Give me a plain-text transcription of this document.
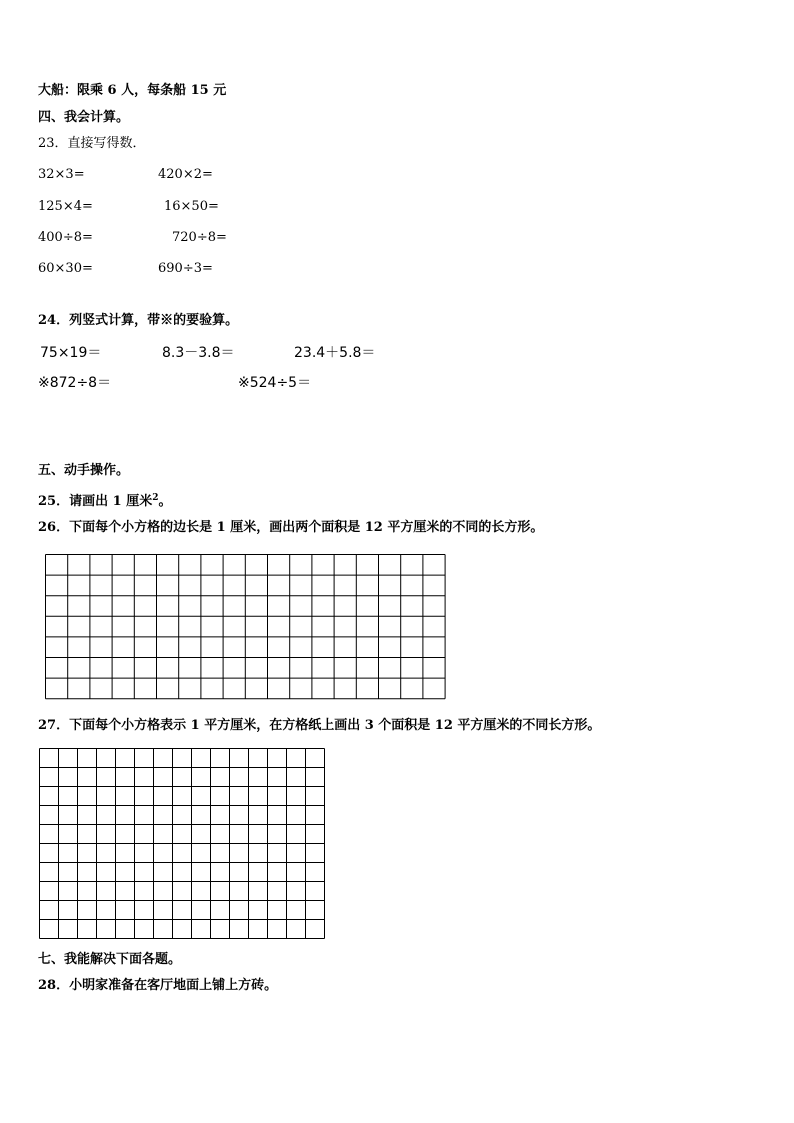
大船：限乘 6 人，每条船 15 元
四、我会计算。
23．直接写得数．
32×3=	420×2=
125×4=	16×50=
400÷8=	720÷8=
60×30=	690÷3=
24．列竖式计算，带※的要验算。
75×19＝	8.3－3.8＝	23.4＋5.8＝
※872÷8＝	※524÷5＝
五、动手操作。
25．请画出 1 厘米$^2$。
26．下面每个小方格的边长是 1 厘米，画出两个面积是 12 平方厘米的不同的长方形。
27．下面每个小方格表示 1 平方厘米，在方格纸上画出 3 个面积是 12 平方厘米的不同长方形。
七、我能解决下面各题。
28．小明家准备在客厅地面上铺上方砖。
